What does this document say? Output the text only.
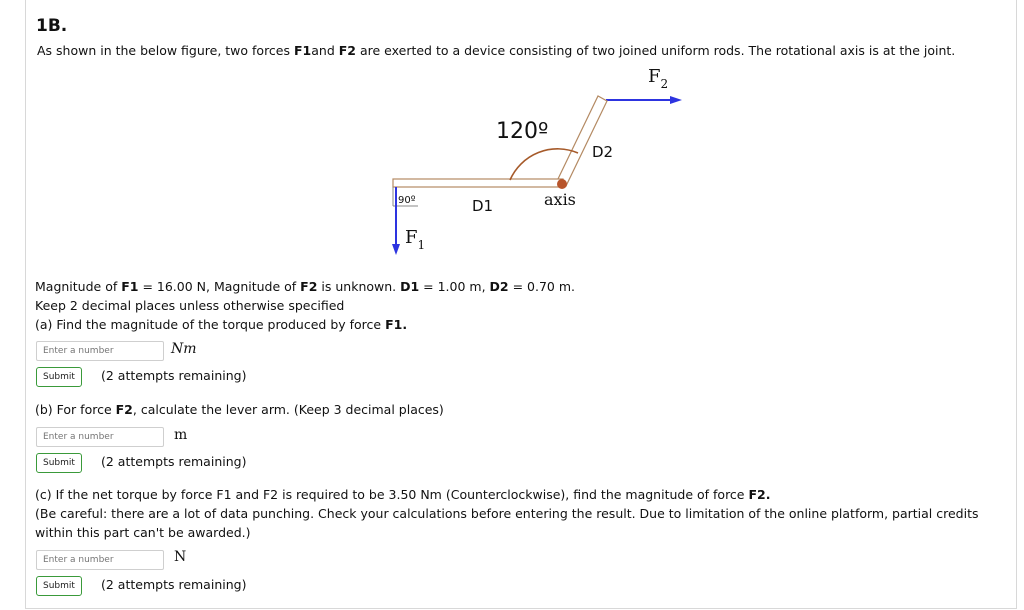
1B.
As shown in the below figure, two forces F1and F2 are exerted to a device consisting of two joined uniform rods. The rotational axis is at the joint.
120º
90º	D1
D2
axis
$F_1$
$F_2$
Magnitude of F1 = 16.00 N, Magnitude of F2 is unknown. D1 = 1.00 m, D2 = 0.70 m.
Keep 2 decimal places unless otherwise specified
(a) Find the magnitude of the torque produced by force F1.
Enter a number
Nm
Submit	(2 attempts remaining)
(b) For force F2, calculate the lever arm. (Keep 3 decimal places)
Enter a number
m
Submit	(2 attempts remaining)
(c) If the net torque by force F1 and F2 is required to be 3.50 Nm (Counterclockwise), find the magnitude of force F2.
(Be careful: there are a lot of data punching. Check your calculations before entering the result. Due to limitation of the online platform, partial credits
within this part can't be awarded.)
Enter a number
N
Submit	(2 attempts remaining)
